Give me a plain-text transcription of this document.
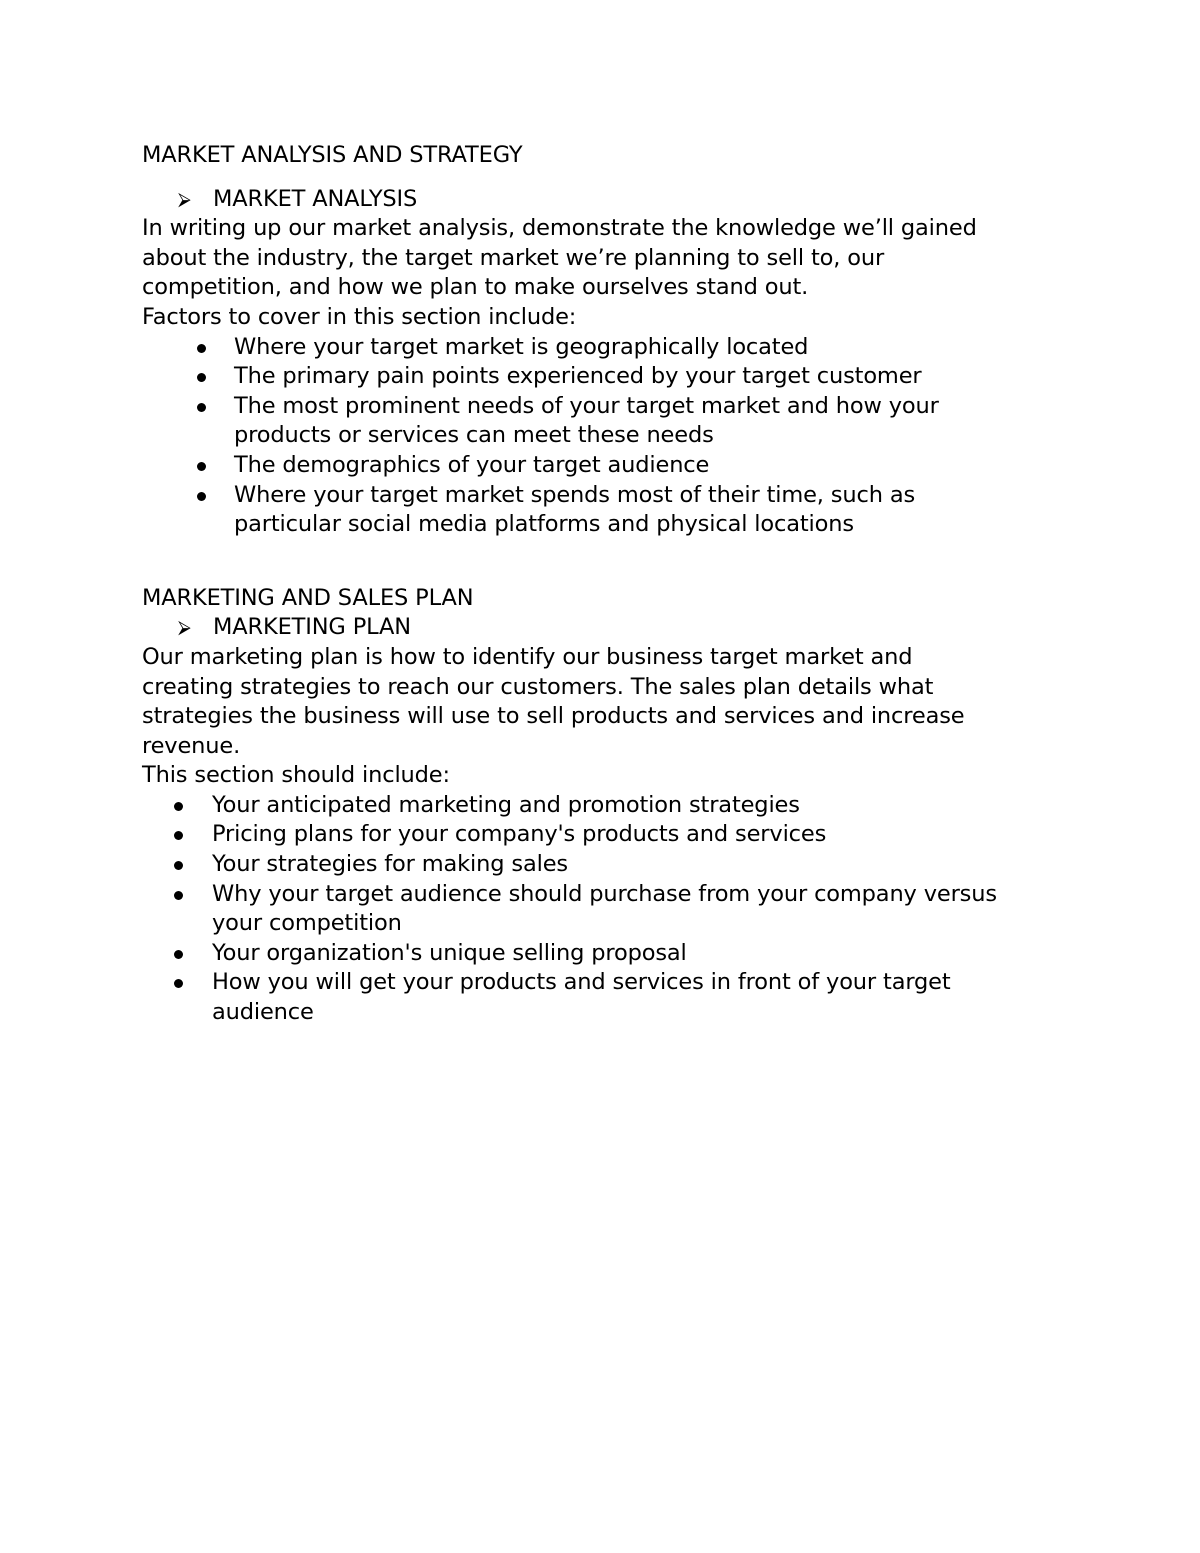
MARKET ANALYSIS AND STRATEGY

⮚ MARKET ANALYSIS

In writing up our market analysis, demonstrate the knowledge we’ll gained

about the industry, the target market we’re planning to sell to, our

competition, and how we plan to make ourselves stand out.

Factors to cover in this section include:

Where your target market is geographically located
The primary pain points experienced by your target customer
The most prominent needs of your target market and how your
products or services can meet these needs
The demographics of your target audience
Where your target market spends most of their time, such as
particular social media platforms and physical locations

MARKETING AND SALES PLAN

⮚ MARKETING PLAN

Our marketing plan is how to identify our business target market and

creating strategies to reach our customers. The sales plan details what

strategies the business will use to sell products and services and increase

revenue.

This section should include:

Your anticipated marketing and promotion strategies
Pricing plans for your company's products and services
Your strategies for making sales
Why your target audience should purchase from your company versus
your competition
Your organization's unique selling proposal
How you will get your products and services in front of your target
audience
